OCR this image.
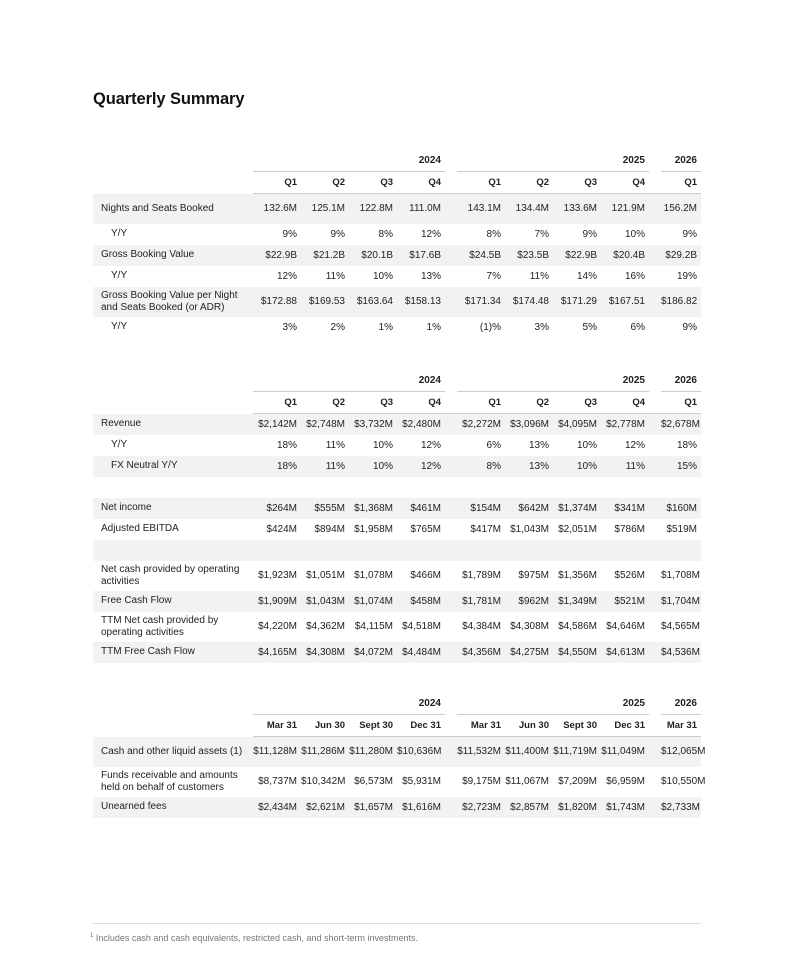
Quarterly Summary
	2024					2025					2026
	Q1	Q2	Q3	Q4		Q1	Q2	Q3	Q4		Q1
Nights and Seats Booked	132.6M	125.1M	122.8M	111.0M		143.1M	134.4M	133.6M	121.9M		156.2M
Y/Y	9%	9%	8%	12%		8%	7%	9%	10%		9%
Gross Booking Value	$22.9B	$21.2B	$20.1B	$17.6B		$24.5B	$23.5B	$22.9B	$20.4B		$29.2B
Y/Y	12%	11%	10%	13%		7%	11%	14%	16%		19%
Gross Booking Value per Night and Seats Booked (or ADR)	$172.88	$169.53	$163.64	$158.13		$171.34	$174.48	$171.29	$167.51		$186.82
Y/Y	3%	2%	1%	1%		(1)%	3%	5%	6%		9%
	2024					2025					2026
	Q1	Q2	Q3	Q4		Q1	Q2	Q3	Q4		Q1
Revenue	$2,142M	$2,748M	$3,732M	$2,480M		$2,272M	$3,096M	$4,095M	$2,778M		$2,678M
Y/Y	18%	11%	10%	12%		6%	13%	10%	12%		18%
FX Neutral Y/Y	18%	11%	10%	12%		8%	13%	10%	11%		15%

Net income	$264M	$555M	$1,368M	$461M		$154M	$642M	$1,374M	$341M		$160M
Adjusted EBITDA	$424M	$894M	$1,958M	$765M		$417M	$1,043M	$2,051M	$786M		$519M

Net cash provided by operating activities	$1,923M	$1,051M	$1,078M	$466M		$1,789M	$975M	$1,356M	$526M		$1,708M
Free Cash Flow	$1,909M	$1,043M	$1,074M	$458M		$1,781M	$962M	$1,349M	$521M		$1,704M
TTM Net cash provided by operating activities	$4,220M	$4,362M	$4,115M	$4,518M		$4,384M	$4,308M	$4,586M	$4,646M		$4,565M
TTM Free Cash Flow	$4,165M	$4,308M	$4,072M	$4,484M		$4,356M	$4,275M	$4,550M	$4,613M		$4,536M
	2024					2025					2026
	Mar 31	Jun 30	Sept 30	Dec 31		Mar 31	Jun 30	Sept 30	Dec 31		Mar 31
Cash and other liquid assets (1)	$11,128M	$11,286M	$11,280M	$10,636M		$11,532M	$11,400M	$11,719M	$11,049M		$12,065M
Funds receivable and amounts held on behalf of customers	$8,737M	$10,342M	$6,573M	$5,931M		$9,175M	$11,067M	$7,209M	$6,959M		$10,550M
Unearned fees	$2,434M	$2,621M	$1,657M	$1,616M		$2,723M	$2,857M	$1,820M	$1,743M		$2,733M
$^1$ Includes cash and cash equivalents, restricted cash, and short-term investments.
